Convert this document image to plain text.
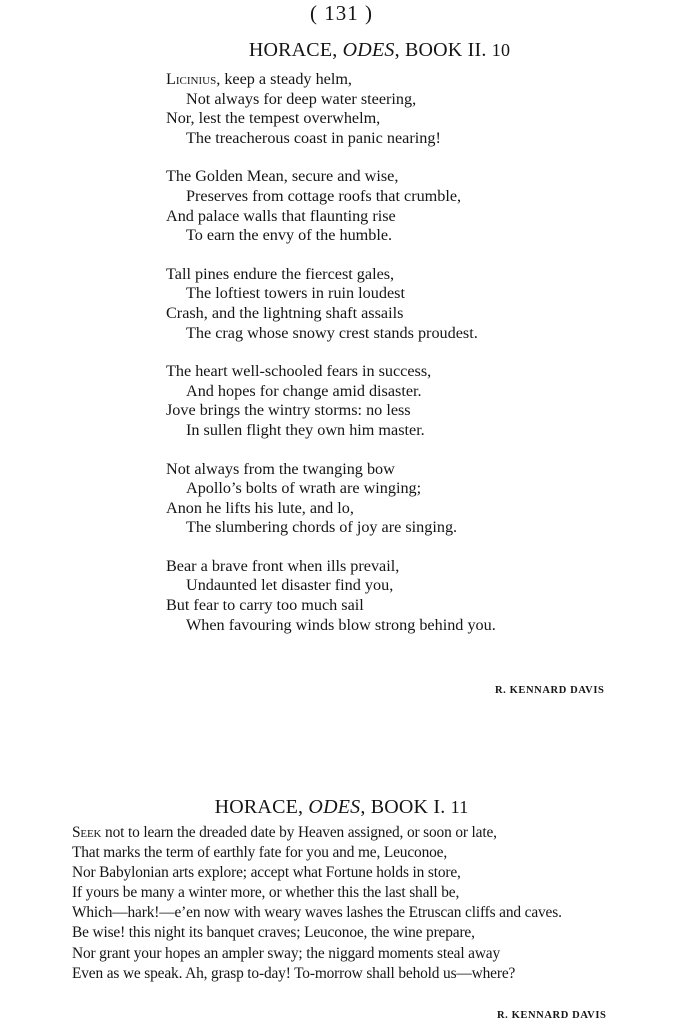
( 131 )
HORACE, ODES, BOOK II. 10
Licinius, keep a steady helm,
Not always for deep water steering,
Nor, lest the tempest overwhelm,
The treacherous coast in panic nearing!
The Golden Mean, secure and wise,
Preserves from cottage roofs that crumble,
And palace walls that flaunting rise
To earn the envy of the humble.
Tall pines endure the fiercest gales,
The loftiest towers in ruin loudest
Crash, and the lightning shaft assails
The crag whose snowy crest stands proudest.
The heart well-schooled fears in success,
And hopes for change amid disaster.
Jove brings the wintry storms: no less
In sullen flight they own him master.
Not always from the twanging bow
Apollo’s bolts of wrath are winging;
Anon he lifts his lute, and lo,
The slumbering chords of joy are singing.
Bear a brave front when ills prevail,
Undaunted let disaster find you,
But fear to carry too much sail
When favouring winds blow strong behind you.
R. KENNARD DAVIS
HORACE, ODES, BOOK I. 11
Seek not to learn the dreaded date by Heaven assigned, or soon or late,
That marks the term of earthly fate for you and me, Leuconoe,
Nor Babylonian arts explore; accept what Fortune holds in store,
If yours be many a winter more, or whether this the last shall be,
Which—hark!—e’en now with weary waves lashes the Etruscan cliffs and caves.
Be wise! this night its banquet craves; Leuconoe, the wine prepare,
Nor grant your hopes an ampler sway; the niggard moments steal away
Even as we speak. Ah, grasp to-day! To-morrow shall behold us—where?
R. KENNARD DAVIS
